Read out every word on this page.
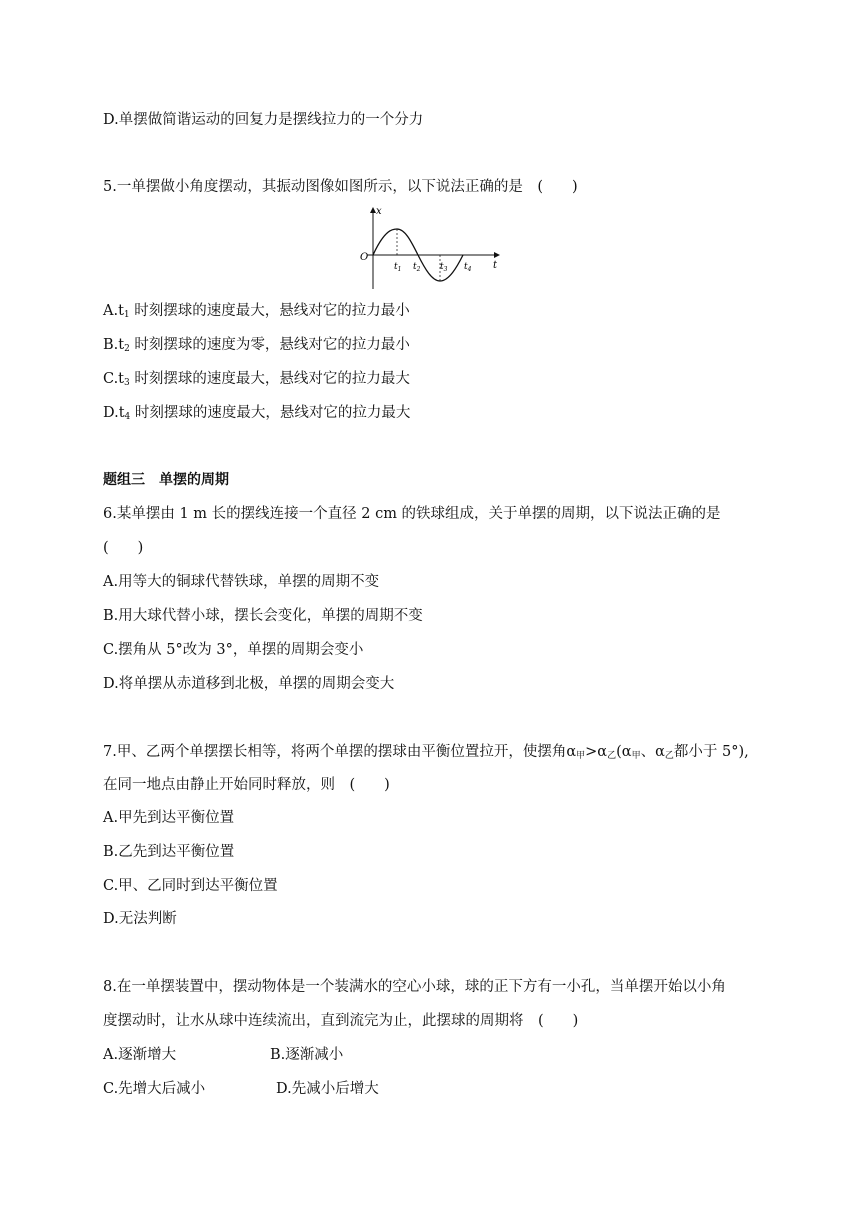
D.单摆做简谐运动的回复力是摆线拉力的一个分力
5.一单摆做小角度摆动，其振动图像如图所示，以下说法正确的是　(　　)
x
t
O
$t_1$ $t_2$ $t_3$ $t_4$
$A.t_1$ 时刻摆球的速度最大，悬线对它的拉力最小
$B.t_2$ 时刻摆球的速度为零，悬线对它的拉力最小
$C.t_3$ 时刻摆球的速度最大，悬线对它的拉力最大
$D.t_4$ 时刻摆球的速度最大，悬线对它的拉力最大
题组三　单摆的周期
6.某单摆由 1 m 长的摆线连接一个直径 2 cm 的铁球组成，关于单摆的周期，以下说法正确的是
(　　)
A.用等大的铜球代替铁球，单摆的周期不变
B.用大球代替小球，摆长会变化，单摆的周期不变
C.摆角从 5°改为 3°，单摆的周期会变小
D.将单摆从赤道移到北极，单摆的周期会变大
7.甲、乙两个单摆摆长相等，将两个单摆的摆球由平衡位置拉开，使摆角$\alpha_甲>\alpha_乙(\alpha_甲$、$\alpha_乙$都小于 5°),
在同一地点由静止开始同时释放，则　(　　)
A.甲先到达平衡位置
B.乙先到达平衡位置
C.甲、乙同时到达平衡位置
D.无法判断
8.在一单摆装置中，摆动物体是一个装满水的空心小球，球的正下方有一小孔，当单摆开始以小角
度摆动时，让水从球中连续流出，直到流完为止，此摆球的周期将　(　　)
A.逐渐增大	B.逐渐减小
C.先增大后减小	D.先减小后增大
